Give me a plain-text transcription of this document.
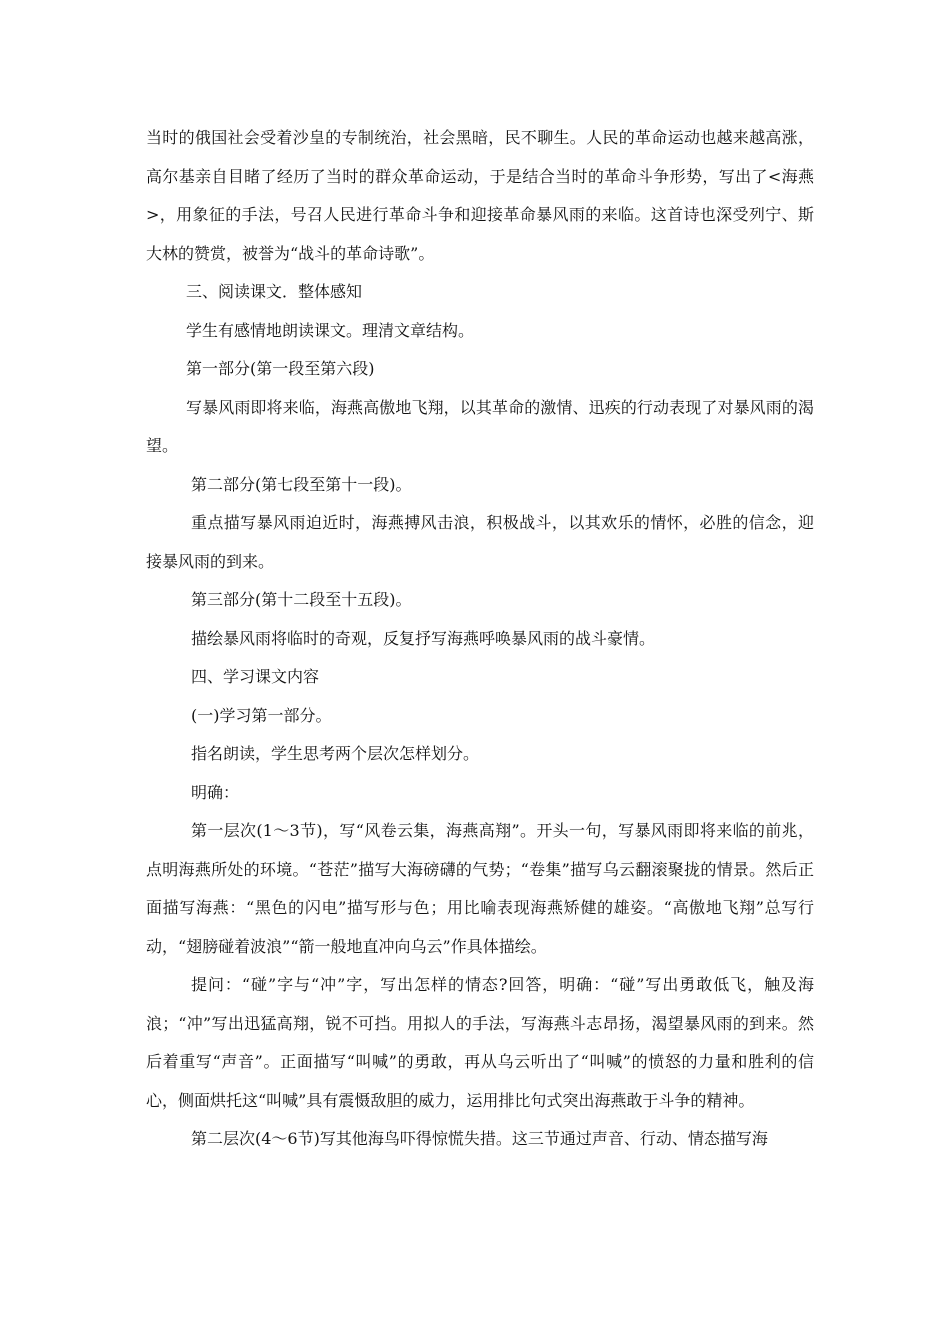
当时的俄国社会受着沙皇的专制统治，社会黑暗，民不聊生。人民的革命运动也越来越高涨，高尔基亲自目睹了经历了当时的群众革命运动，于是结合当时的革命斗争形势，写出了<海燕>，用象征的手法，号召人民进行革命斗争和迎接革命暴风雨的来临。这首诗也深受列宁、斯大林的赞赏，被誉为“战斗的革命诗歌”。

三、阅读课文．整体感知

学生有感情地朗读课文。理清文章结构。

第一部分(第一段至第六段)

写暴风雨即将来临，海燕高傲地飞翔，以其革命的激情、迅疾的行动表现了对暴风雨的渴望。

第二部分(第七段至第十一段)。

重点描写暴风雨迫近时，海燕搏风击浪，积极战斗，以其欢乐的情怀，必胜的信念，迎接暴风雨的到来。

第三部分(第十二段至十五段)。

描绘暴风雨将临时的奇观，反复抒写海燕呼唤暴风雨的战斗豪情。

四、学习课文内容

(一)学习第一部分。

指名朗读，学生思考两个层次怎样划分。

明确：

第一层次(1～3节)，写“风卷云集，海燕高翔”。开头一句，写暴风雨即将来临的前兆，点明海燕所处的环境。“苍茫”描写大海磅礴的气势；“卷集”描写乌云翻滚聚拢的情景。然后正面描写海燕：“黑色的闪电”描写形与色；用比喻表现海燕矫健的雄姿。“高傲地飞翔”总写行动，“翅膀碰着波浪”“箭一般地直冲向乌云”作具体描绘。

提问：“碰”字与“冲”字，写出怎样的情态?回答，明确：“碰”写出勇敢低飞，触及海浪；“冲”写出迅猛高翔，锐不可挡。用拟人的手法，写海燕斗志昂扬，渴望暴风雨的到来。然后着重写“声音”。正面描写“叫喊”的勇敢，再从乌云听出了“叫喊”的愤怒的力量和胜利的信心，侧面烘托这“叫喊”具有震慑敌胆的威力，运用排比句式突出海燕敢于斗争的精神。

第二层次(4～6节)写其他海鸟吓得惊慌失措。这三节通过声音、行动、情态描写海
